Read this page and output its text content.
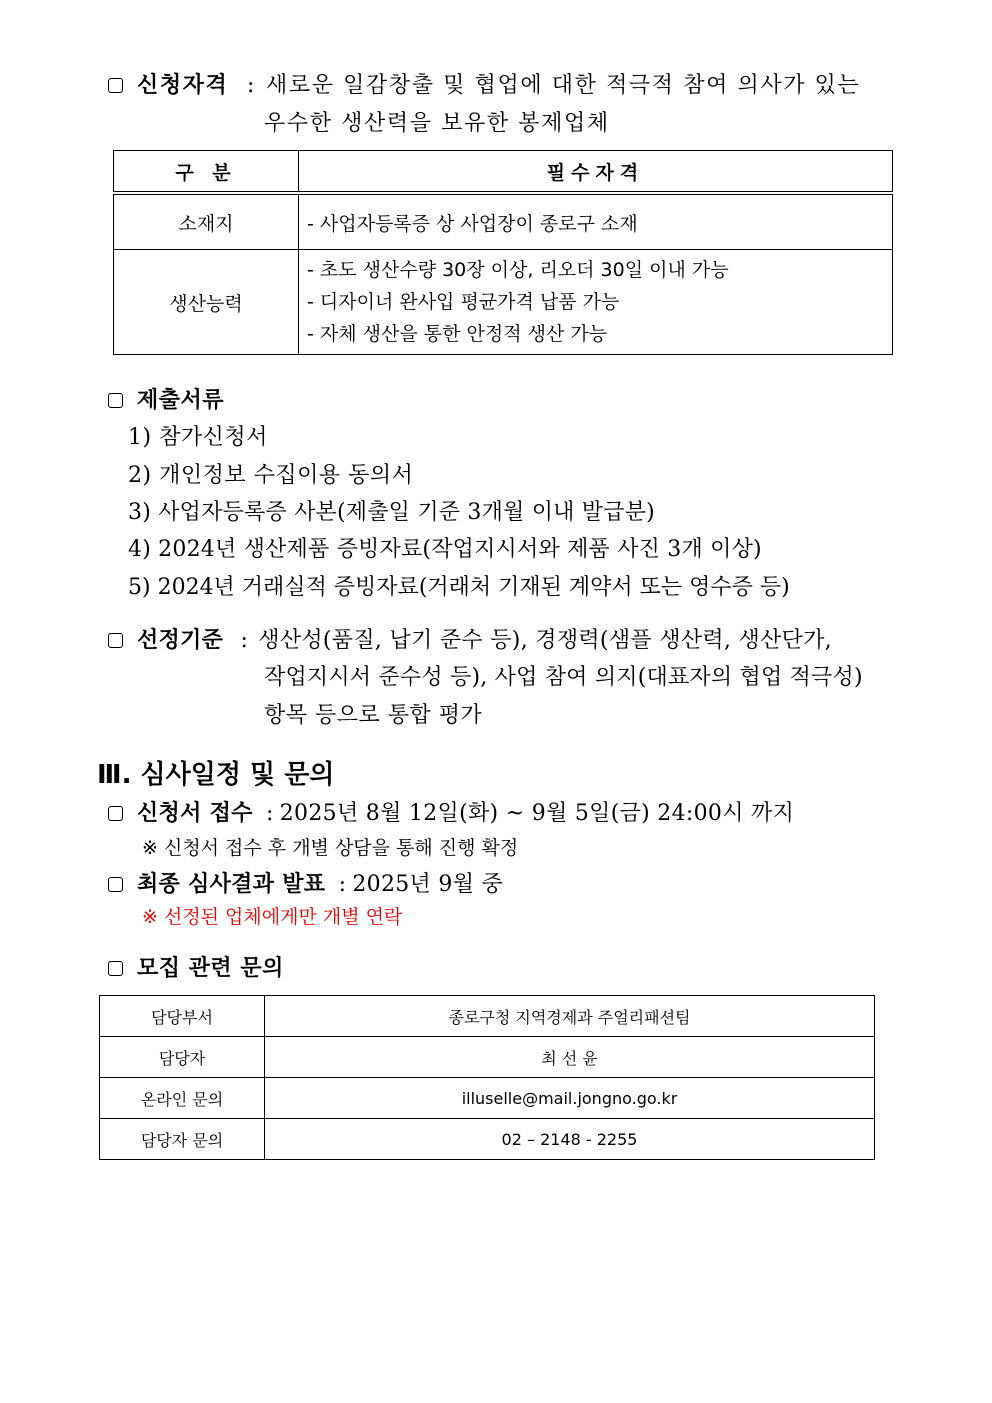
신청자격 : 새로운 일감창출 및 협업에 대한 적극적 참여 의사가 있는
우수한 생산력을 보유한 봉제업체
구 분	필수자격
소재지	- 사업자등록증 상 사업장이 종로구 소재
생산능력	- 초도 생산수량 30장 이상, 리오더 30일 이내 가능
- 디자이너 완사입 평균가격 납품 가능
- 자체 생산을 통한 안정적 생산 가능
제출서류
1) 참가신청서
2) 개인정보 수집이용 동의서
3) 사업자등록증 사본(제출일 기준 3개월 이내 발급분)
4) 2024년 생산제품 증빙자료(작업지시서와 제품 사진 3개 이상)
5) 2024년 거래실적 증빙자료(거래처 기재된 계약서 또는 영수증 등)
선정기준 : 생산성(품질, 납기 준수 등), 경쟁력(샘플 생산력, 생산단가,
작업지시서 준수성 등), 사업 참여 의지(대표자의 협업 적극성)
항목 등으로 통합 평가
Ⅲ. 심사일정 및 문의
신청서 접수 : 2025년 8월 12일(화) ~ 9월 5일(금) 24:00시 까지
※ 신청서 접수 후 개별 상담을 통해 진행 확정
최종 심사결과 발표 : 2025년 9월 중
※ 선정된 업체에게만 개별 연락
모집 관련 문의
담당부서	종로구청 지역경제과 주얼리패션팀
담당자	최 선 윤
온라인 문의	illuselle@mail.jongno.go.kr
담당자 문의	02 – 2148 - 2255
